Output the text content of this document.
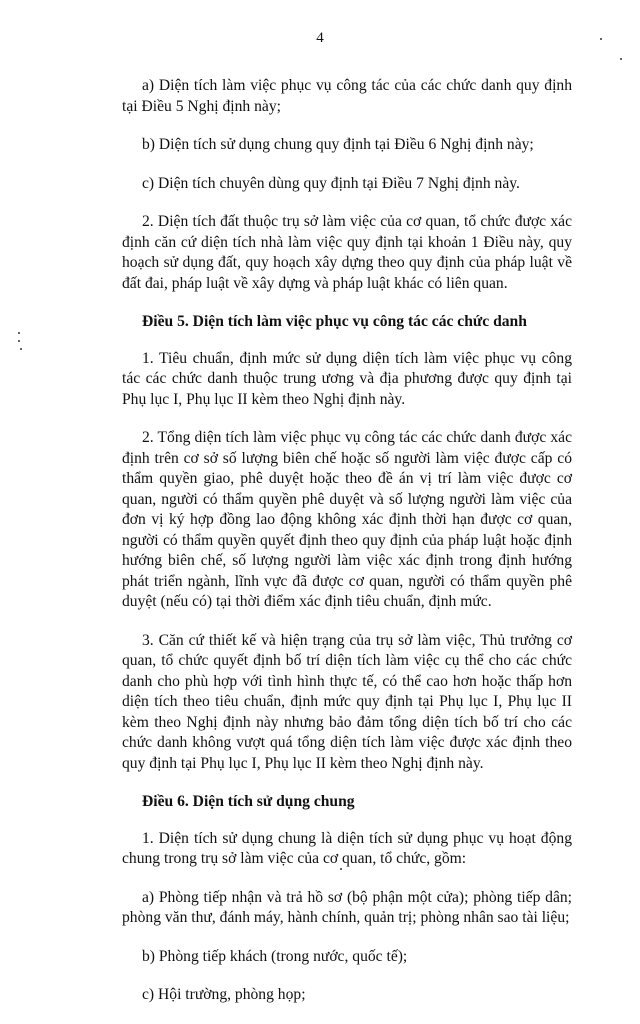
4

a) Diện tích làm việc phục vụ công tác của các chức danh quy định tại Điều 5 Nghị định này;

b) Diện tích sử dụng chung quy định tại Điều 6 Nghị định này;

c) Diện tích chuyên dùng quy định tại Điều 7 Nghị định này.

2. Diện tích đất thuộc trụ sở làm việc của cơ quan, tổ chức được xác định căn cứ diện tích nhà làm việc quy định tại khoản 1 Điều này, quy hoạch sử dụng đất, quy hoạch xây dựng theo quy định của pháp luật về đất đai, pháp luật về xây dựng và pháp luật khác có liên quan.

Điều 5. Diện tích làm việc phục vụ công tác các chức danh

1. Tiêu chuẩn, định mức sử dụng diện tích làm việc phục vụ công tác các chức danh thuộc trung ương và địa phương được quy định tại Phụ lục I, Phụ lục II kèm theo Nghị định này.

2. Tổng diện tích làm việc phục vụ công tác các chức danh được xác định trên cơ sở số lượng biên chế hoặc số người làm việc được cấp có thẩm quyền giao, phê duyệt hoặc theo đề án vị trí làm việc được cơ quan, người có thẩm quyền phê duyệt và số lượng người làm việc của đơn vị ký hợp đồng lao động không xác định thời hạn được cơ quan, người có thẩm quyền quyết định theo quy định của pháp luật hoặc định hướng biên chế, số lượng người làm việc xác định trong định hướng phát triển ngành, lĩnh vực đã được cơ quan, người có thẩm quyền phê duyệt (nếu có) tại thời điểm xác định tiêu chuẩn, định mức.

3. Căn cứ thiết kế và hiện trạng của trụ sở làm việc, Thủ trưởng cơ quan, tổ chức quyết định bố trí diện tích làm việc cụ thể cho các chức danh cho phù hợp với tình hình thực tế, có thể cao hơn hoặc thấp hơn diện tích theo tiêu chuẩn, định mức quy định tại Phụ lục I, Phụ lục II kèm theo Nghị định này nhưng bảo đảm tổng diện tích bố trí cho các chức danh không vượt quá tổng diện tích làm việc được xác định theo quy định tại Phụ lục I, Phụ lục II kèm theo Nghị định này.

Điều 6. Diện tích sử dụng chung

1. Diện tích sử dụng chung là diện tích sử dụng phục vụ hoạt động chung trong trụ sở làm việc của cơ quan, tổ chức, gồm:

a) Phòng tiếp nhận và trả hồ sơ (bộ phận một cửa); phòng tiếp dân; phòng văn thư, đánh máy, hành chính, quản trị; phòng nhân sao tài liệu;

b) Phòng tiếp khách (trong nước, quốc tế);

c) Hội trường, phòng họp;
